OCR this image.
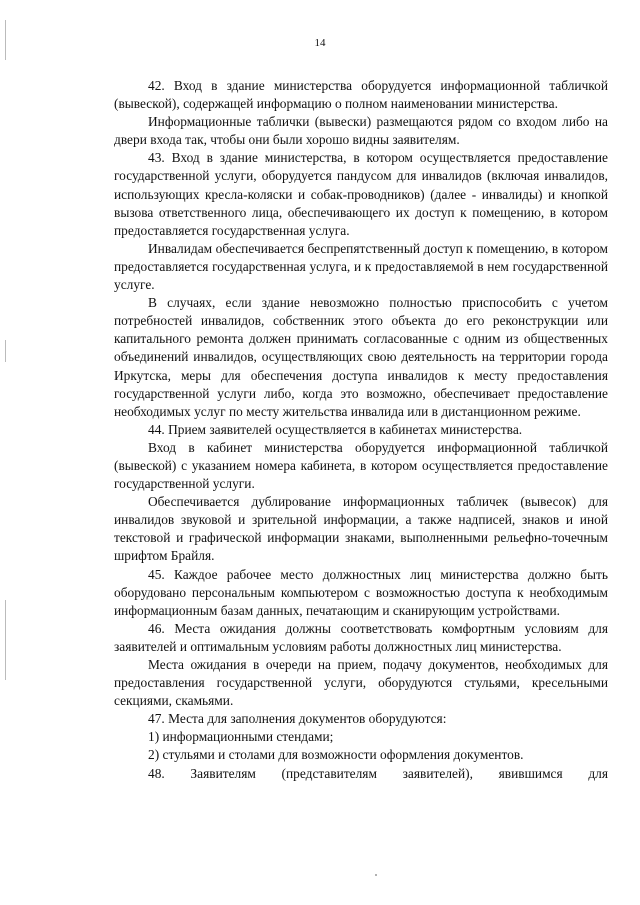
14

42. Вход в здание министерства оборудуется информационной табличкой (вывеской), содержащей информацию о полном наименовании министерства.

Информационные таблички (вывески) размещаются рядом со входом либо на двери входа так, чтобы они были хорошо видны заявителям.

43. Вход в здание министерства, в котором осуществляется предоставление государственной услуги, оборудуется пандусом для инвалидов (включая инвалидов, использующих кресла-коляски и собак-проводников) (далее - инвалиды) и кнопкой вызова ответственного лица, обеспечивающего их доступ к помещению, в котором предоставляется государственная услуга.

Инвалидам обеспечивается беспрепятственный доступ к помещению, в котором предоставляется государственная услуга, и к предоставляемой в нем государственной услуге.

В случаях, если здание невозможно полностью приспособить с учетом потребностей инвалидов, собственник этого объекта до его реконструкции или капитального ремонта должен принимать согласованные с одним из общественных объединений инвалидов, осуществляющих свою деятельность на территории города Иркутска, меры для обеспечения доступа инвалидов к месту предоставления государственной услуги либо, когда это возможно, обеспечивает предоставление необходимых услуг по месту жительства инвалида или в дистанционном режиме.

44. Прием заявителей осуществляется в кабинетах министерства.

Вход в кабинет министерства оборудуется информационной табличкой (вывеской) с указанием номера кабинета, в котором осуществляется предоставление государственной услуги.

Обеспечивается дублирование информационных табличек (вывесок) для инвалидов звуковой и зрительной информации, а также надписей, знаков и иной текстовой и графической информации знаками, выполненными рельефно-точечным шрифтом Брайля.

45. Каждое рабочее место должностных лиц министерства должно быть оборудовано персональным компьютером с возможностью доступа к необходимым информационным базам данных, печатающим и сканирующим устройствами.

46. Места ожидания должны соответствовать комфортным условиям для заявителей и оптимальным условиям работы должностных лиц министерства.

Места ожидания в очереди на прием, подачу документов, необходимых для предоставления государственной услуги, оборудуются стульями, кресельными секциями, скамьями.

47. Места для заполнения документов оборудуются:

1) информационными стендами;

2) стульями и столами для возможности оформления документов.

48. Заявителям (представителям заявителей), явившимся для
